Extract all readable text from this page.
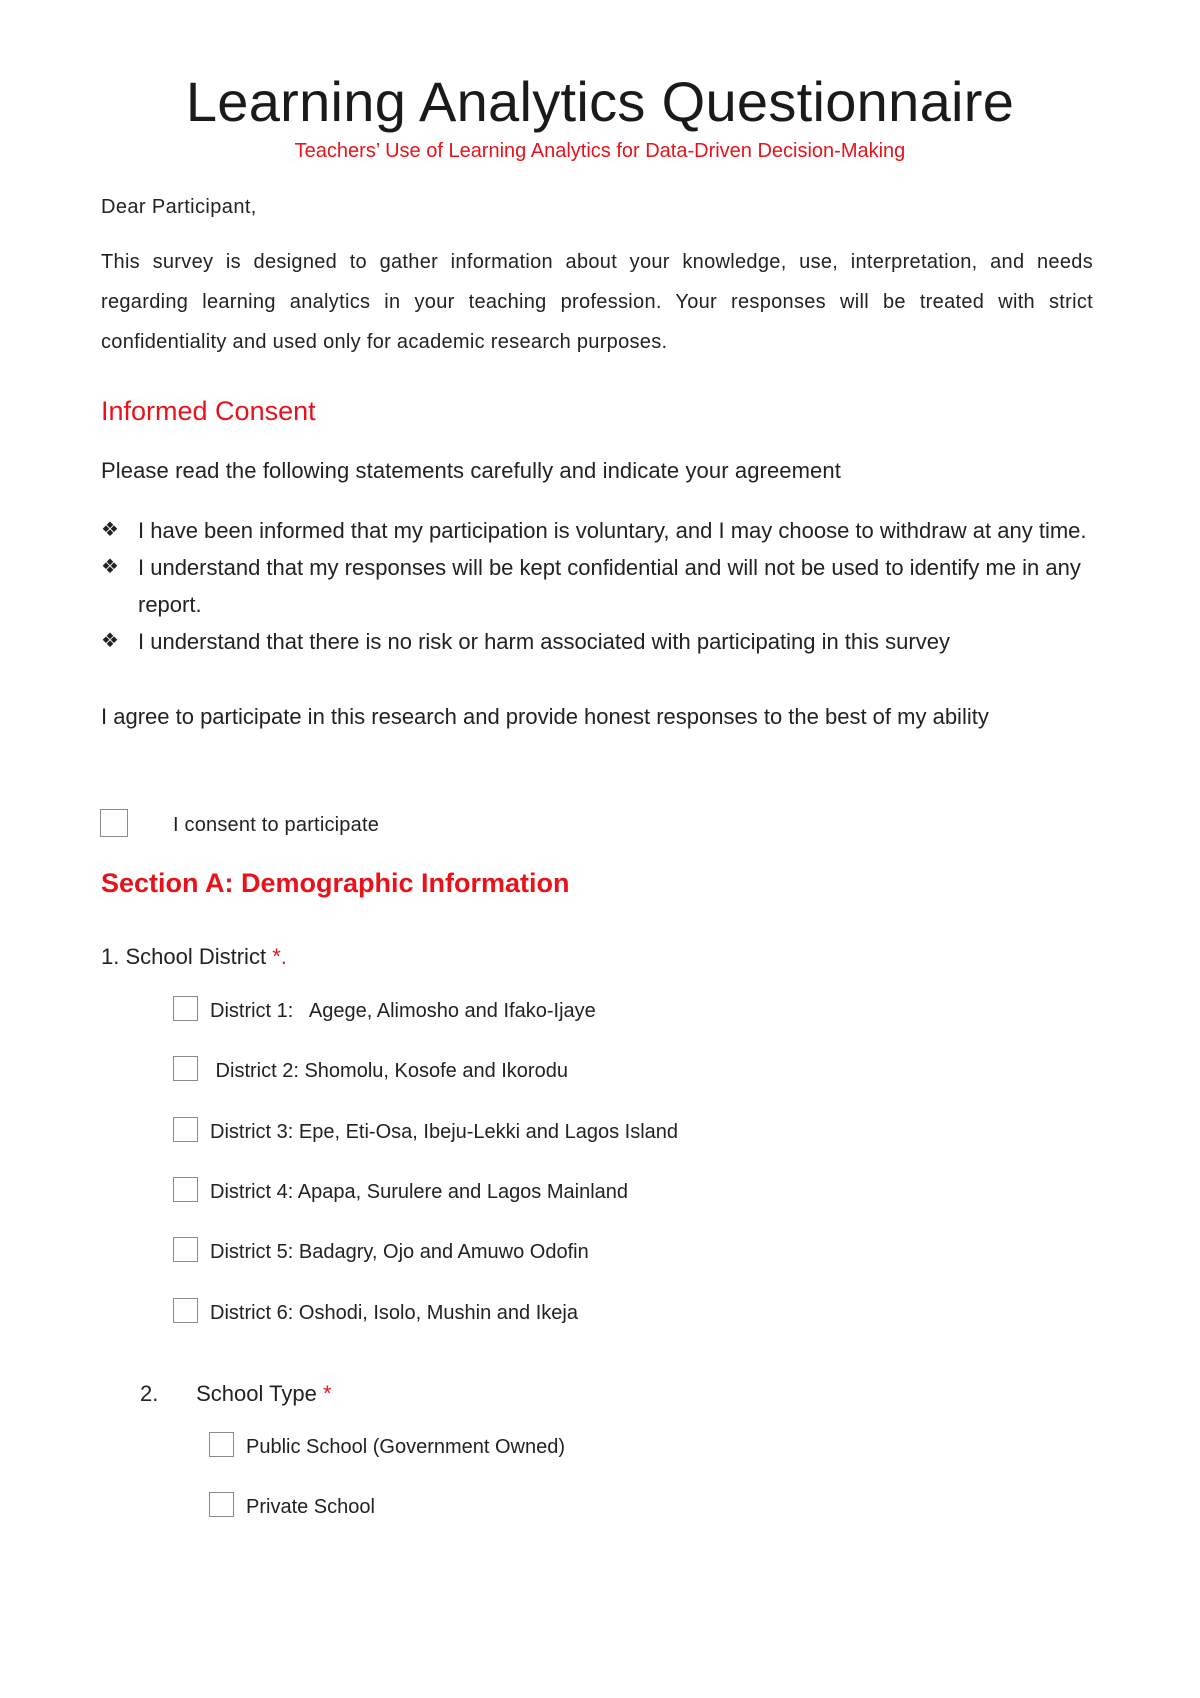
Learning Analytics Questionnaire
Teachers’ Use of Learning Analytics for Data-Driven Decision-Making
Dear Participant,
This survey is designed to gather information about your knowledge, use, interpretation, and needs regarding learning analytics in your teaching profession. Your responses will be treated with strict confidentiality and used only for academic research purposes.
Informed Consent
Please read the following statements carefully and indicate your agreement
❖ I have been informed that my participation is voluntary, and I may choose to withdraw at any time.
❖ I understand that my responses will be kept confidential and will not be used to identify me in any report.
❖ I understand that there is no risk or harm associated with participating in this survey
I agree to participate in this research and provide honest responses to the best of my ability
I consent to participate
Section A: Demographic Information
1. School District *.
District 1:   Agege, Alimosho and Ifako-Ijaye
District 2: Shomolu, Kosofe and Ikorodu
District 3: Epe, Eti-Osa, Ibeju-Lekki and Lagos Island
District 4: Apapa, Surulere and Lagos Mainland
District 5: Badagry, Ojo and Amuwo Odofin
District 6: Oshodi, Isolo, Mushin and Ikeja
2. School Type *
Public School (Government Owned)
Private School
